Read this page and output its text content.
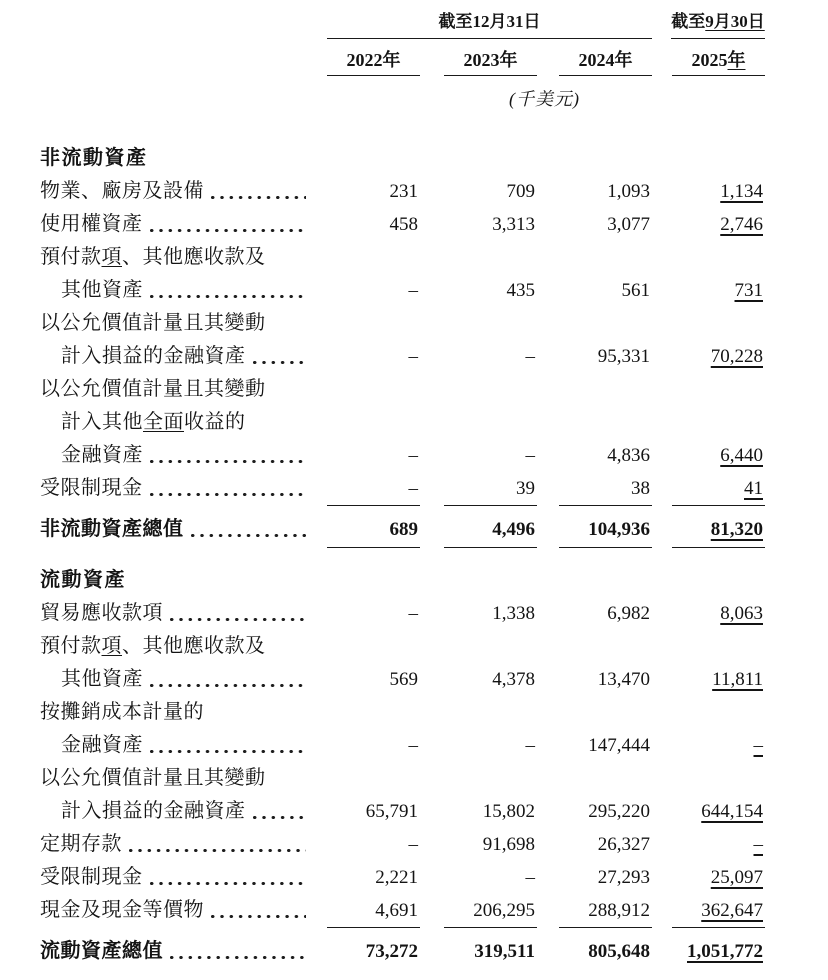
截至12月31日	截至 9月30日
2022年	2023年	2024年	2025 年
(千美元)
非流動資產
物業、廠房及設備	231	709	1,093	1,134
使用權資產	458	3,313	3,077	2,746
預付款項、其他應收款及
其他資產	–	435	561	731
以公允價值計量且其變動
計入損益的金融資產	–	–	95,331	70,228
以公允價值計量且其變動
計入其他全面收益的
金融資產	–	–	4,836	6,440
受限制現金	–	39	38	41
非流動資產總值	689	4,496	104,936	81,320
流動資產
貿易應收款項	–	1,338	6,982	8,063
預付款項、其他應收款及
其他資產	569	4,378	13,470	11,811
按攤銷成本計量的
金融資產	–	–	147,444	–
以公允價值計量且其變動
計入損益的金融資產	65,791	15,802	295,220	644,154
定期存款	–	91,698	26,327	–
受限制現金	2,221	–	27,293	25,097
現金及現金等價物	4,691	206,295	288,912	362,647
流動資產總值	73,272	319,511	805,648	1,051,772
